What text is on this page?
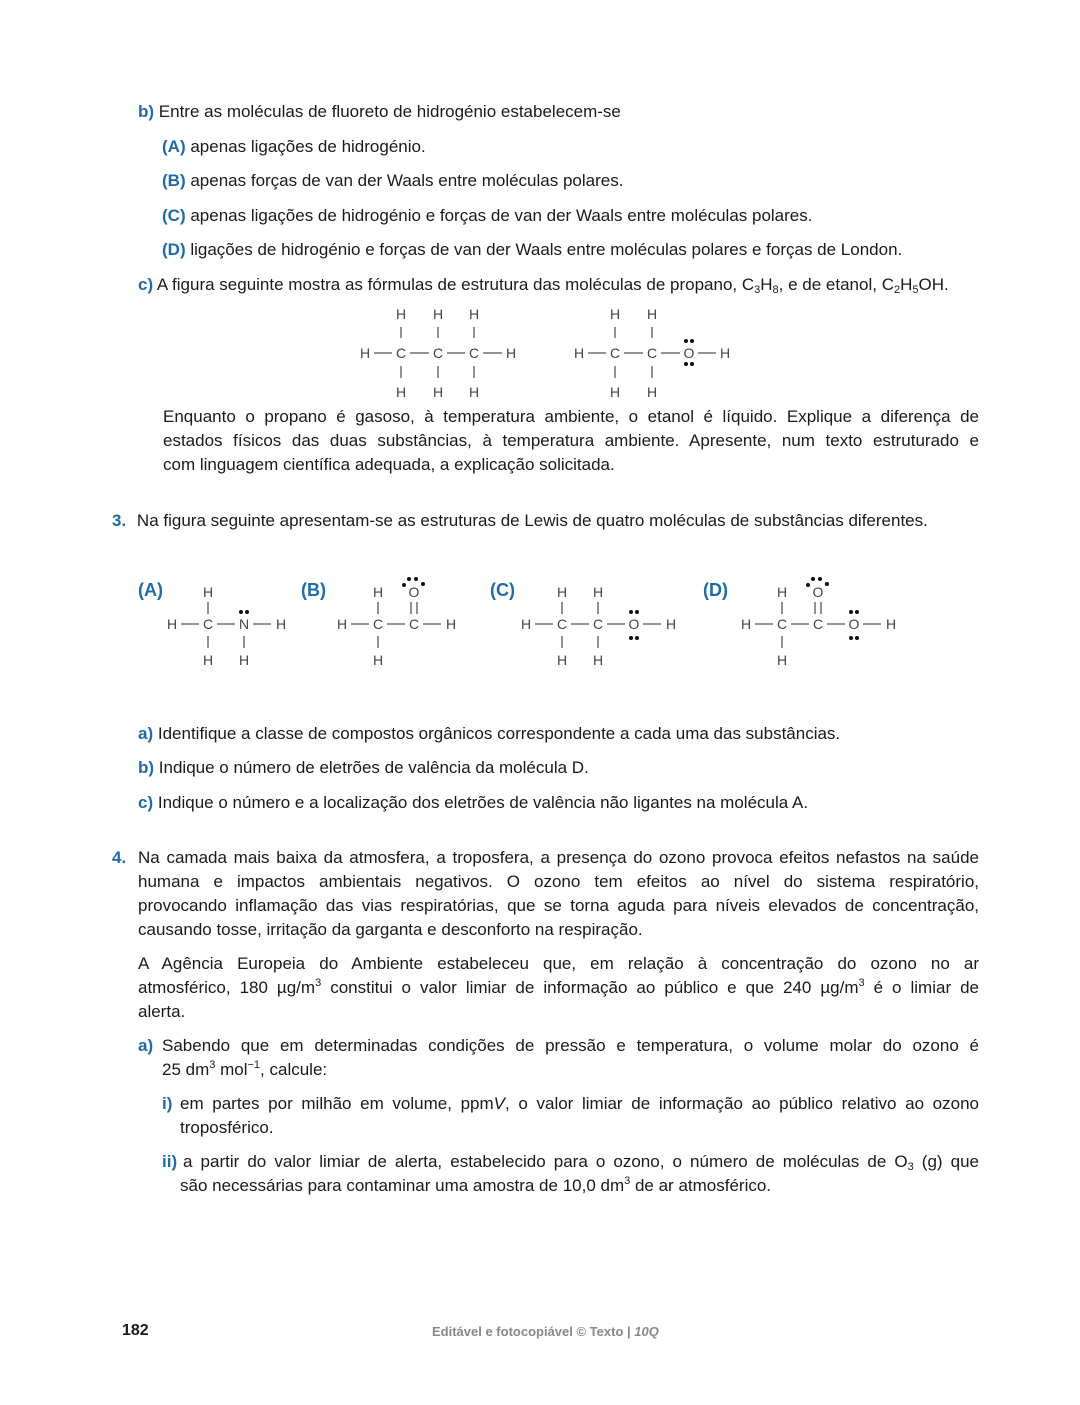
b) Entre as moléculas de fluoreto de hidrogénio estabelecem-se
(A) apenas ligações de hidrogénio.
(B) apenas forças de van der Waals entre moléculas polares.
(C) apenas ligações de hidrogénio e forças de van der Waals entre moléculas polares.
(D) ligações de hidrogénio e forças de van der Waals entre moléculas polares e forças de London.
c) A figura seguinte mostra as fórmulas de estrutura das moléculas de propano, $C_3H_8$, e de etanol, $C_2H_5OH$.
H H H
H C C C H
H H H
H H
H C C O H
H H
Enquanto o propano é gasoso, à temperatura ambiente, o etanol é líquido. Explique a diferença de
estados físicos das duas substâncias, à temperatura ambiente. Apresente, num texto estruturado e
com linguagem científica adequada, a explicação solicitada.
3. Na figura seguinte apresentam-se as estruturas de Lewis de quatro moléculas de substâncias diferentes.
(A)	(B)	(C)	(D)
H
H C N H
H H
H
H C C H
O
H
H H
H C C O H
H H
H
H C C O H
O
H
a) Identifique a classe de compostos orgânicos correspondente a cada uma das substâncias.
b) Indique o número de eletrões de valência da molécula D.
c) Indique o número e a localização dos eletrões de valência não ligantes na molécula A.
4. Na camada mais baixa da atmosfera, a troposfera, a presença do ozono provoca efeitos nefastos na saúde
humana e impactos ambientais negativos. O ozono tem efeitos ao nível do sistema respiratório,
provocando inflamação das vias respiratórias, que se torna aguda para níveis elevados de concentração,
causando tosse, irritação da garganta e desconforto na respiração.
A Agência Europeia do Ambiente estabeleceu que, em relação à concentração do ozono no ar
atmosférico, 180 $\mu g/m^3$ constitui o valor limiar de informação ao público e que 240 $\mu g/m^3$ é o limiar de
alerta.
a) Sabendo que em determinadas condições de pressão e temperatura, o volume molar do ozono é
25 $dm^3$ mol$^{-1}$, calcule:
i) em partes por milhão em volume, ppmV, o valor limiar de informação ao público relativo ao ozono
troposférico.
ii) a partir do valor limiar de alerta, estabelecido para o ozono, o número de moléculas de $O_3$ (g) que
são necessárias para contaminar uma amostra de 10,0 $dm^3$ de ar atmosférico.
182	Editável e fotocopiável © Texto | 10Q
